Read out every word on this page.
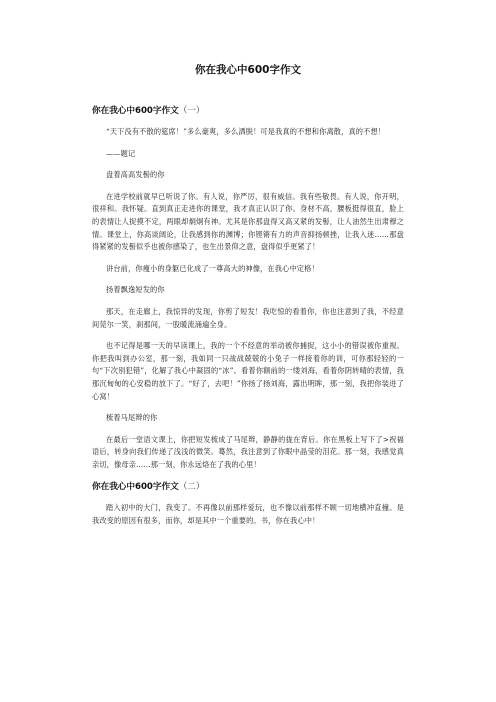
你在我心中600字作文
你在我心中600字作文（一）

“天下没有不散的筵席！”多么豪爽，多么洒脱！可是我真的不想和你离散，真的不想！

——题记

盘着高高发髻的你

在进学校前就早已听说了你。有人说，你严厉，很有威信。我有些敬畏。有人说，你开明，很祥和。我怀疑。直到真正走进你的课堂，我才真正认识了你。身材不高，腰板挺得很直，脸上的表情让人捉摸不定，两眼却炯炯有神。尤其是你那盘得又高又紧的发髻，让人油然生出肃穆之情。课堂上，你高谈阔论，让我感到你的渊博；你铿锵有力的声音抑扬顿挫，让我入迷……那盘得紧紧的发髻似乎也被你感染了，也生出景仰之意，盘得似乎更紧了！

讲台前，你瘦小的身躯已化成了一尊高大的神像，在我心中定格！

扬着飘逸短发的你

那天，在走廊上，我惊异的发现，你剪了短发！我吃惊的看着你，你也注意到了我，不经意间莞尔一笑，刹那间，一股暖流涌遍全身。

也不记得是哪一天的早读课上，我的一个不经意的举动被你捕捉，这小小的错误被你重视。你把我叫到办公室，那一刻，我如同一只战战兢兢的小兔子一样接着你的训，可你那轻轻的一句“下次别犯错”，化解了我心中凝固的“冰”。看着你额前的一缕刘海，看着你阴转晴的表情，我那沉甸甸的心安稳的放下了。“好了，去吧！”你扬了扬刘海，露出明眸，那一刻，我把你装进了心窝！

梳着马尾辫的你

在最后一堂语文课上，你把短发梳成了马尾辫，静静的拢在背后。你在黑板上写下了>祝福语后，转身向我们传递了浅浅的微笑。蓦然，我注意到了你眼中晶莹的泪花。那一刻，我感觉真亲切，像母亲……那一刻，你永远烙在了我的心里！

你在我心中600字作文（二）

踏入初中的大门，我变了。不再像以前那样爱玩，也不像以前那样不顾一切地横冲直撞。是我改变的原因有很多，而你，却是其中一个重要的。书，你在我心中！
